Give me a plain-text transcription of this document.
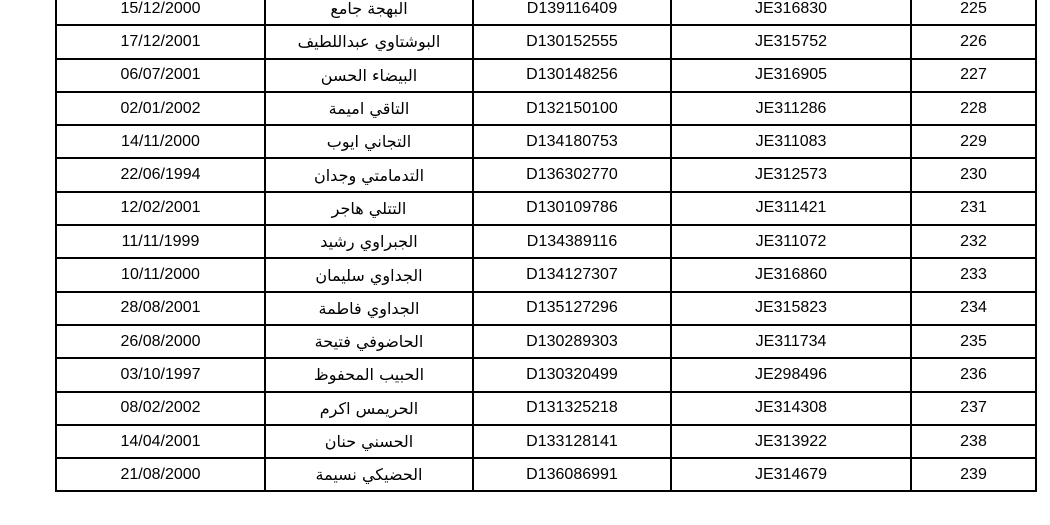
15/12/2000	البهجة جامع	D139116409	JE316830	225
17/12/2001	البوشتاوي عبداللطيف	D130152555	JE315752	226
06/07/2001	البيضاء الحسن	D130148256	JE316905	227
02/01/2002	التاقي اميمة	D132150100	JE311286	228
14/11/2000	التجاني ايوب	D134180753	JE311083	229
22/06/1994	التدمامتي وجدان	D136302770	JE312573	230
12/02/2001	التتلي هاجر	D130109786	JE311421	231
11/11/1999	الجبراوي رشيد	D134389116	JE311072	232
10/11/2000	الجداوي سليمان	D134127307	JE316860	233
28/08/2001	الجداوي فاطمة	D135127296	JE315823	234
26/08/2000	الحاضوفي فتيحة	D130289303	JE311734	235
03/10/1997	الحبيب المحفوظ	D130320499	JE298496	236
08/02/2002	الحريمس اكرم	D131325218	JE314308	237
14/04/2001	الحسني حنان	D133128141	JE313922	238
21/08/2000	الحضيكي نسيمة	D136086991	JE314679	239
